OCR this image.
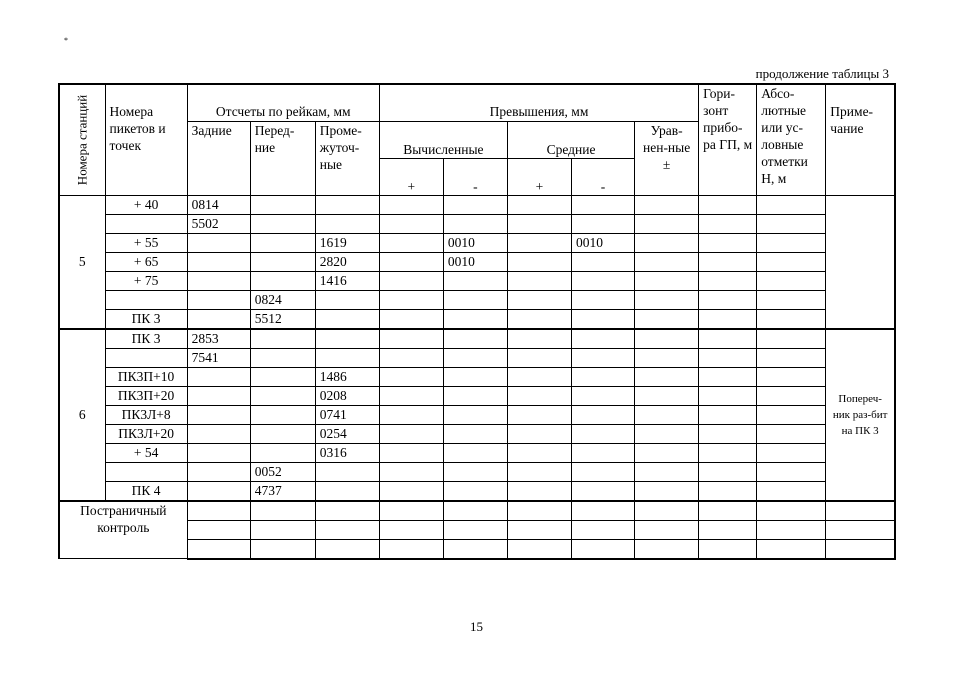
*
продолжение таблицы 3
Номера станций	Номера пикетов и точек	Отсчеты по рейкам, мм			Превышения, мм					Гори-зонт прибо-ра ГП, м	Абсо-лютные или ус-ловные отметки Н, м	Приме-чание
		Задние	Перед-ние	Проме-жуточ-ные	Вычисленные		Средние		Урав-нен-ные ±			
					+	-	+	-				
5	+ 40	0814										
		5502										
	+ 55			1619		0010		0010				
	+ 65			2820		0010						
	+ 75			1416								
			0824									
	ПК 3		5512									
6	ПК 3	2853										Попереч-ник раз-бит на ПК 3
		7541										
	ПК3П+10			1486								
	ПК3П+20			0208								
	ПК3Л+8			0741								
	ПК3Л+20			0254								
	+ 54			0316								
			0052									
	ПК 4		4737									
Постраничный контроль												

15
